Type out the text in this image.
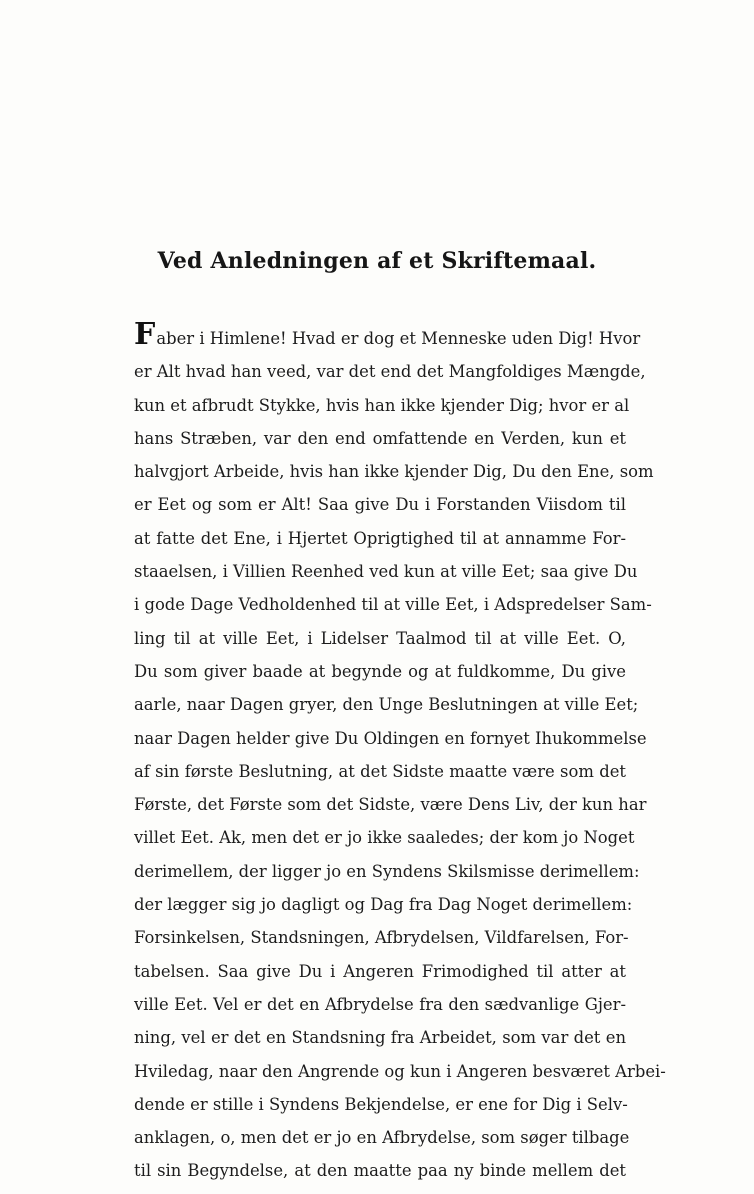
Ved Anledningen af et Skriftemaal.
Faber i Himlene! Hvad er dog et Menneske uden Dig! Hvor
er Alt hvad han veed, var det end det Mangfoldiges Mængde,
kun et afbrudt Stykke, hvis han ikke kjender Dig; hvor er al
hans Stræben, var den end omfattende en Verden, kun et
halvgjort Arbeide, hvis han ikke kjender Dig, Du den Ene, som
er Eet og som er Alt! Saa give Du i Forstanden Viisdom til
at fatte det Ene, i Hjertet Oprigtighed til at annamme For-
staaelsen, i Villien Reenhed ved kun at ville Eet; saa give Du
i gode Dage Vedholdenhed til at ville Eet, i Adspredelser Sam-
ling til at ville Eet, i Lidelser Taalmod til at ville Eet. O,
Du som giver baade at begynde og at fuldkomme, Du give
aarle, naar Dagen gryer, den Unge Beslutningen at ville Eet;
naar Dagen helder give Du Oldingen en fornyet Ihukommelse
af sin første Beslutning, at det Sidste maatte være som det
Første, det Første som det Sidste, være Dens Liv, der kun har
villet Eet. Ak, men det er jo ikke saaledes; der kom jo Noget
derimellem, der ligger jo en Syndens Skilsmisse derimellem:
der lægger sig jo dagligt og Dag fra Dag Noget derimellem:
Forsinkelsen, Standsningen, Afbrydelsen, Vildfarelsen, For-
tabelsen. Saa give Du i Angeren Frimodighed til atter at
ville Eet. Vel er det en Afbrydelse fra den sædvanlige Gjer-
ning, vel er det en Standsning fra Arbeidet, som var det en
Hviledag, naar den Angrende og kun i Angeren besværet Arbei-
dende er stille i Syndens Bekjendelse, er ene for Dig i Selv-
anklagen, o, men det er jo en Afbrydelse, som søger tilbage
til sin Begyndelse, at den maatte paa ny binde mellem det
